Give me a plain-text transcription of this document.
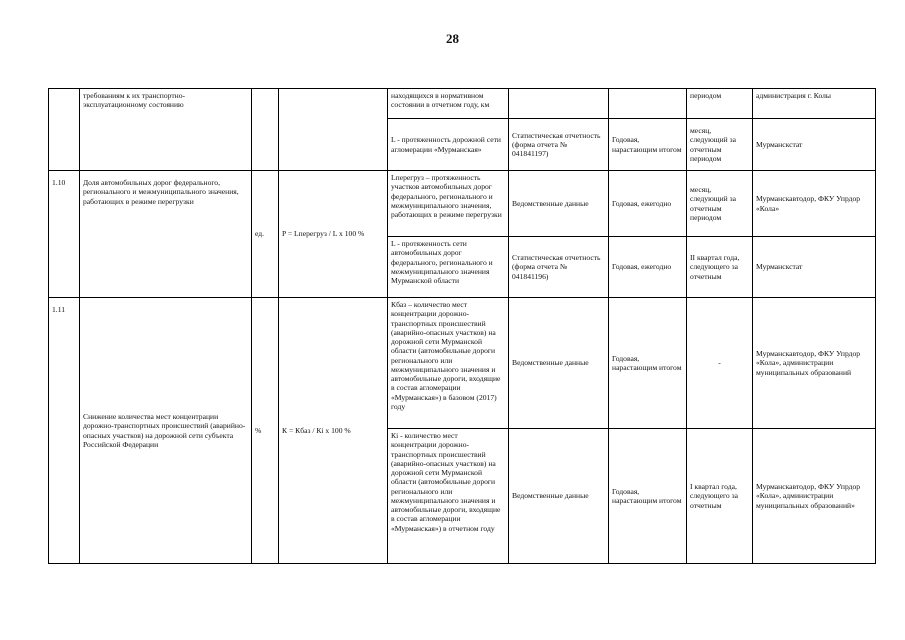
28
	требованиям к их транспортно-эксплуатационному состоянию			находящихся в нормативном состоянии в отчетном году, км			периодом	администрация г. Колы
				L - протяженность дорожной сети агломерации «Мурманская»	Статистическая отчетность (форма отчета № 041841197)	Годовая, нарастающим итогом	месяц, следующий за отчетным периодом	Мурманскстат
1.10	Доля автомобильных дорог федерального, регионального и межмуниципального значения, работающих в режиме перегрузки	ед.	P = Lперегруз / L x 100 %	Lперегруз – протяженность участков автомобильных дорог федерального, регионального и межмуниципального значения, работающих в режиме перегрузки	Ведомственные данные	Годовая, ежегодно	месяц, следующий за отчетным периодом	Мурманскавтодор, ФКУ Упрдор «Кола»
				L - протяженность сети автомобильных дорог федерального, регионального и межмуниципального значения Мурманской области	Статистическая отчетность (форма отчета № 041841196)	Годовая, ежегодно	II квартал года, следующего за отчетным	Мурманскстат
1.11	Снижение количества мест концентрации дорожно-транспортных происшествий (аварийно-опасных участков) на дорожной сети субъекта Российской Федерации	%	К = Кбаз / Кi x 100 %	Кбаз – количество мест концентрации дорожно-транспортных происшествий (аварийно-опасных участков) на дорожной сети Мурманской области (автомобильные дороги регионального или межмуниципального значения и автомобильные дороги, входящие в состав агломерации «Мурманская») в базовом (2017) году	Ведомственные данные	Годовая, нарастающим итогом	-	Мурманскавтодор, ФКУ Упрдор «Кола», администрации муниципальных образований
				Кi - количество мест концентрации дорожно-транспортных происшествий (аварийно-опасных участков) на дорожной сети Мурманской области (автомобильные дороги регионального или межмуниципального значения и автомобильные дороги, входящие в состав агломерации «Мурманская») в отчетном году	Ведомственные данные	Годовая, нарастающим итогом	I квартал года, следующего за отчетным	Мурманскавтодор, ФКУ Упрдор «Кола», администрации муниципальных образований»
